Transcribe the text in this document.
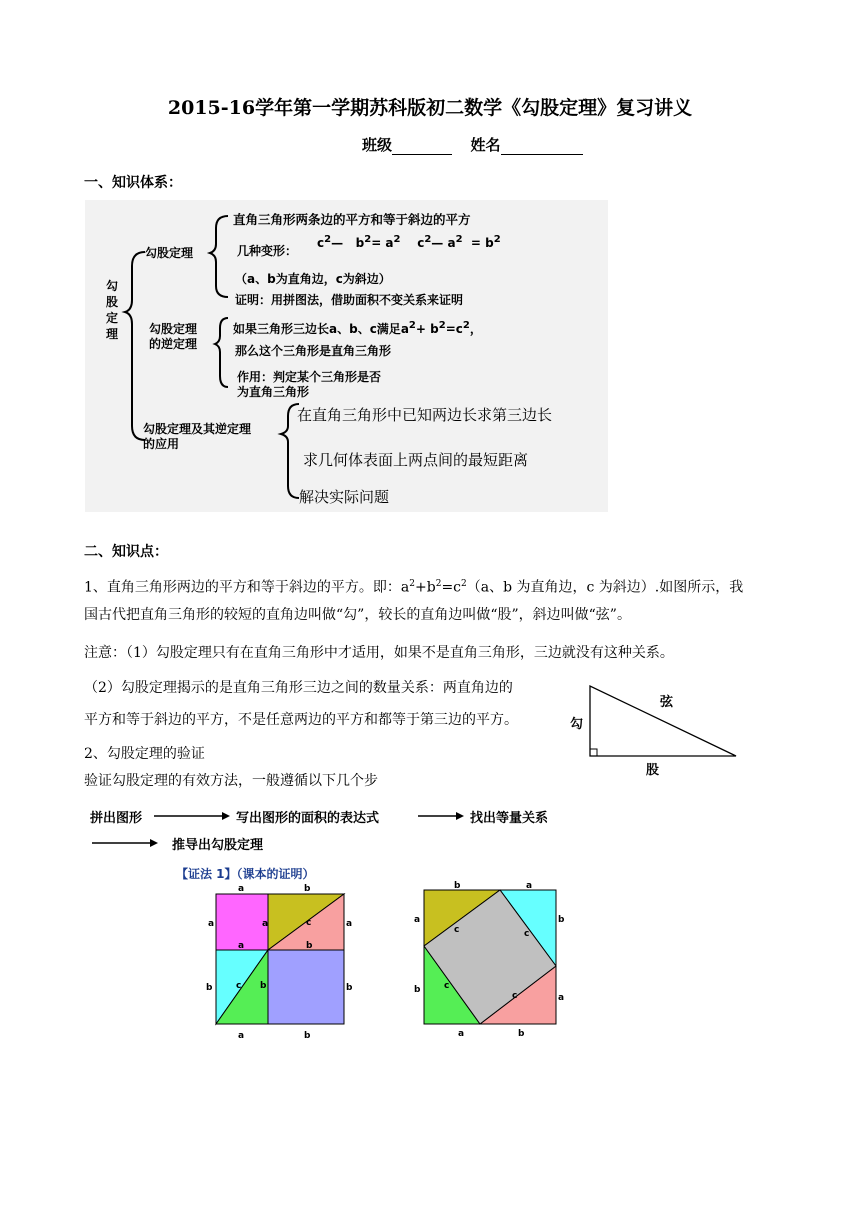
2015-16学年第一学期苏科版初二数学《勾股定理》复习讲义
班级	姓名
一、知识体系：
勾股定理
勾股定理
直角三角形两条边的平方和等于斜边的平方
几种变形：
$c^2—$   $b^2= a^2$    $c^2—$ $a^2 = b^2$
（a、b为直角边，c为斜边）
证明：用拼图法，借助面积不变关系来证明
勾股定理
的逆定理
如果三角形三边长a、b、c满足$a^2+ b^2=c^2$，
那么这个三角形是直角三角形
作用：判定某个三角形是否
为直角三角形
勾股定理及其逆定理
的应用
在直角三角形中已知两边长求第三边长
求几何体表面上两点间的最短距离
解决实际问题
二、知识点：
1、直角三角形两边的平方和等于斜边的平方。即：$a^2+b^2=c^2(a$、b 为直角边，c 为斜边）.如图所示，我
国古代把直角三角形的较短的直角边叫做“勾”，较长的直角边叫做“股”，斜边叫做“弦”。
注意：（1）勾股定理只有在直角三角形中才适用，如果不是直角三角形，三边就没有这种关系。
（2）勾股定理揭示的是直角三角形三边之间的数量关系：两直角边的
平方和等于斜边的平方，不是任意两边的平方和都等于第三边的平方。
弦
勾
股
2、勾股定理的验证
验证勾股定理的有效方法，一般遵循以下几个步
拼出图形	写出图形的面积的表达式	找出等量关系
推导出勾股定理
【证法 1】（课本的证明）
a	b
a	a	a
a
c
b
b	c b	b
a	b
b	a
a
c	c
b
b	c
c	a
a	b
